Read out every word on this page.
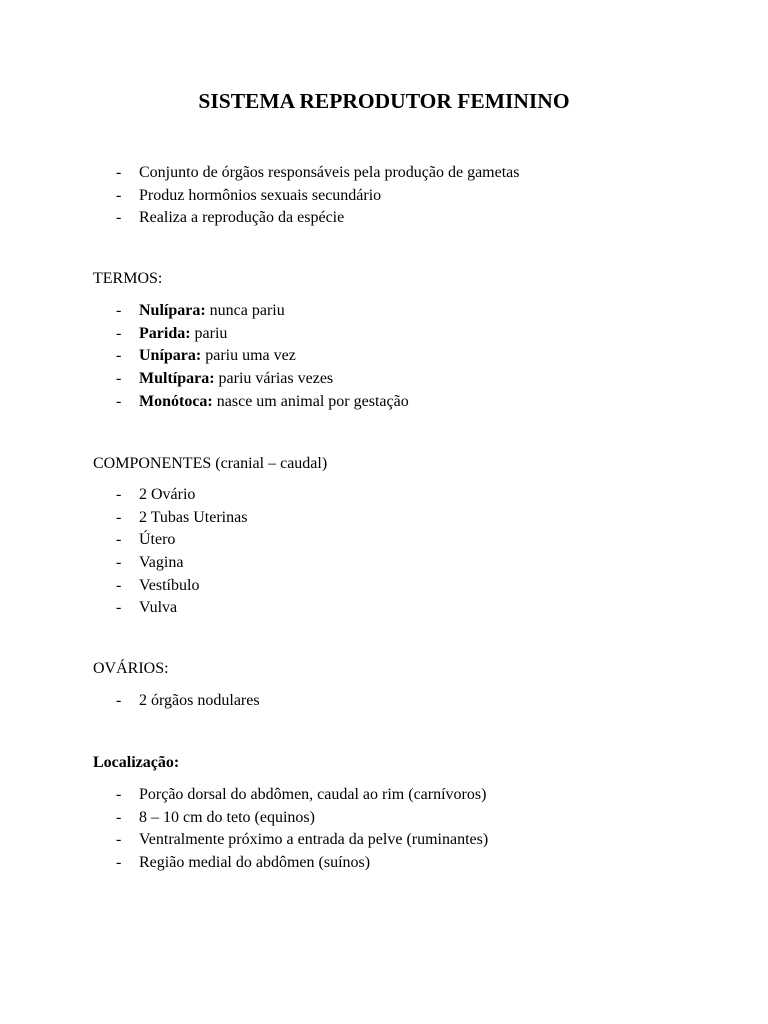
SISTEMA REPRODUTOR FEMININO
- Conjunto de órgãos responsáveis pela produção de gametas
- Produz hormônios sexuais secundário
- Realiza a reprodução da espécie

TERMOS:

- Nulípara: nunca pariu
- Parida: pariu
- Unípara: pariu uma vez
- Multípara: pariu várias vezes
- Monótoca: nasce um animal por gestação

COMPONENTES (cranial – caudal)

- 2 Ovário
- 2 Tubas Uterinas
- Útero
- Vagina
- Vestíbulo
- Vulva

OVÁRIOS:

- 2 órgãos nodulares

Localização:

- Porção dorsal do abdômen, caudal ao rim (carnívoros)
- 8 – 10 cm do teto (equinos)
- Ventralmente próximo a entrada da pelve (ruminantes)
- Região medial do abdômen (suínos)
